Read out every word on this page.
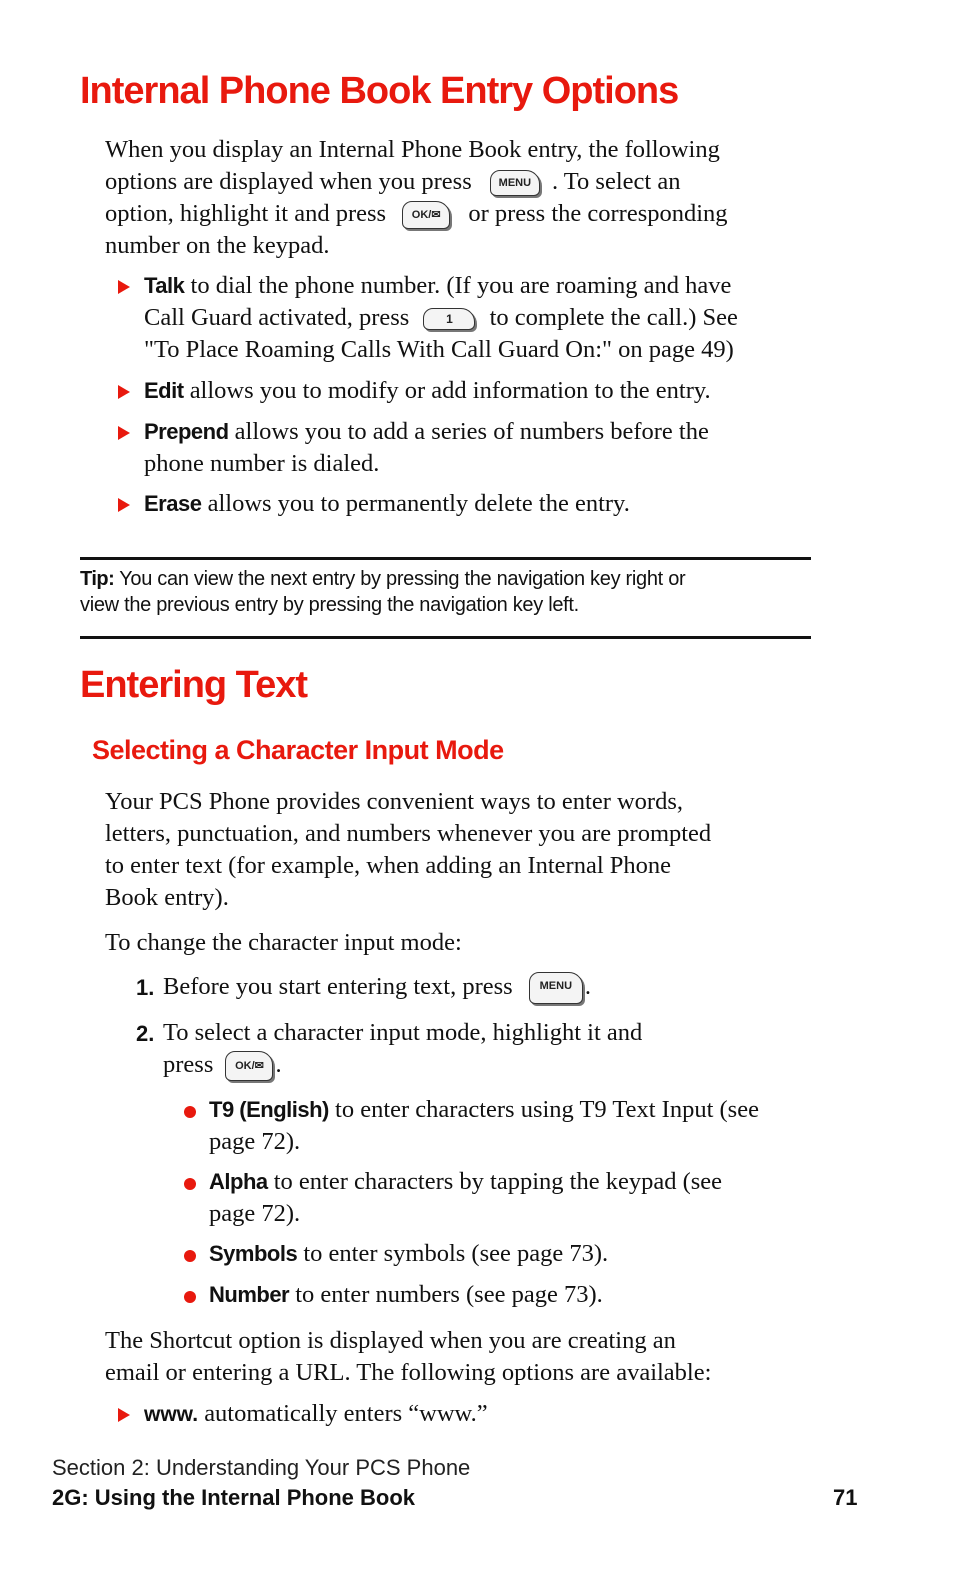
Internal Phone Book Entry Options
When you display an Internal Phone Book entry, the following
options are displayed when you press	MENU . To select an
option, highlight it and press	OK/✉	or press the corresponding
number on the keypad.
Talk to dial the phone number. (If you are roaming and have
Call Guard activated, press	1	to complete the call.) See
"To Place Roaming Calls With Call Guard On:" on page 49)
Edit allows you to modify or add information to the entry.
Prepend allows you to add a series of numbers before the
phone number is dialed.
Erase allows you to permanently delete the entry.
Tip: You can view the next entry by pressing the navigation key right or
view the previous entry by pressing the navigation key left.
Entering Text
Selecting a Character Input Mode
Your PCS Phone provides convenient ways to enter words,
letters, punctuation, and numbers whenever you are prompted
to enter text (for example, when adding an Internal Phone
Book entry).
To change the character input mode:
1. Before you start entering text, press	MENU .
2. To select a character input mode, highlight it and
press	OK/✉ .
T9 (English) to enter characters using T9 Text Input (see
page 72).
Alpha to enter characters by tapping the keypad (see
page 72).
Symbols to enter symbols (see page 73).
Number to enter numbers (see page 73).
The Shortcut option is displayed when you are creating an
email or entering a URL. The following options are available:
www. automatically enters “www.”
Section 2: Understanding Your PCS Phone
2G: Using the Internal Phone Book	71
